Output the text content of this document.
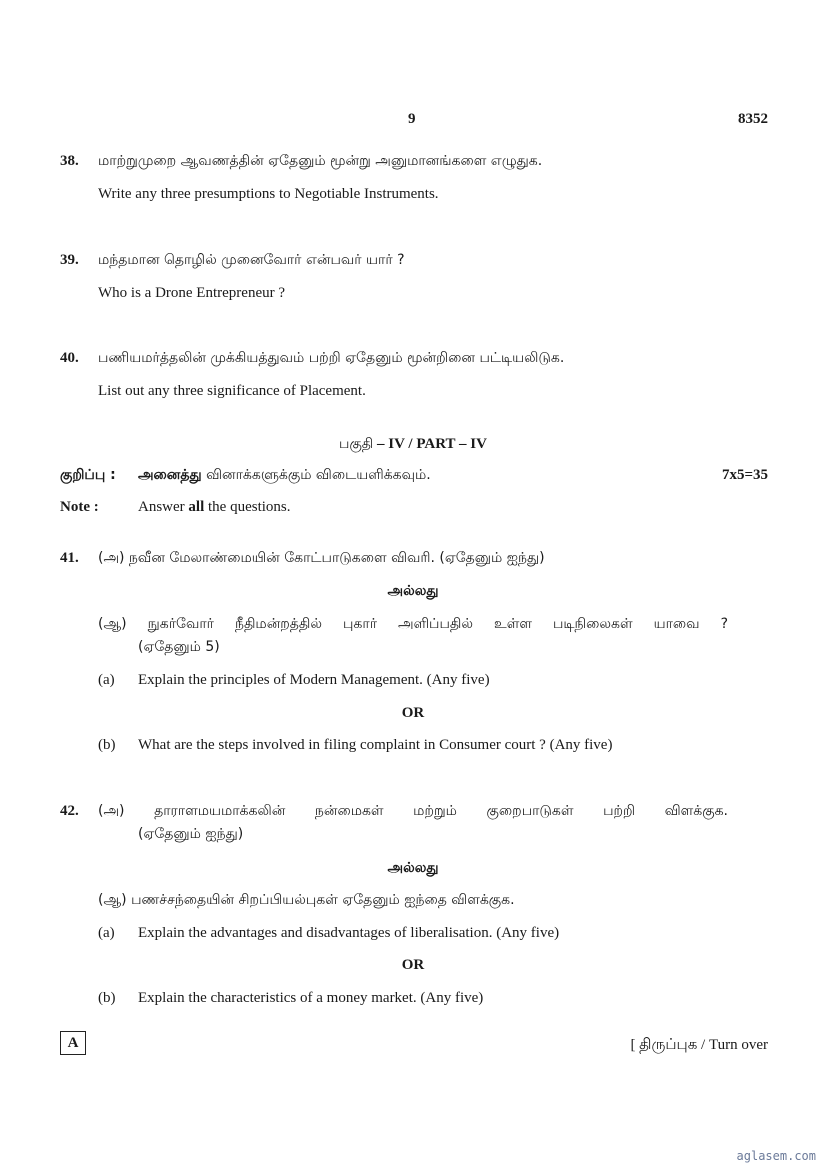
9	8352
38. மாற்றுமுறை ஆவணத்தின் ஏதேனும் மூன்று அனுமானங்களை எழுதுக.
Write any three presumptions to Negotiable Instruments.
39. மந்தமான தொழில் முனைவோர் என்பவர் யார் ?
Who is a Drone Entrepreneur ?
40. பணியமர்த்தலின் முக்கியத்துவம் பற்றி ஏதேனும் மூன்றினை பட்டியலிடுக.
List out any three significance of Placement.
பகுதி – IV / PART – IV
குறிப்பு : அனைத்து வினாக்களுக்கும் விடையளிக்கவும்.	7x5=35
Note :	Answer all the questions.
41. (அ) நவீன மேலாண்மையின் கோட்பாடுகளை விவரி. (ஏதேனும் ஐந்து)
அல்லது
(ஆ) நுகர்வோர் நீதிமன்றத்தில் புகார் அளிப்பதில் உள்ள படிநிலைகள் யாவை ?
(ஏதேனும் 5)
(a) Explain the principles of Modern Management. (Any five)
OR
(b) What are the steps involved in filing complaint in Consumer court ? (Any five)
42. (அ) தாராளமயமாக்கலின் நன்மைகள் மற்றும் குறைபாடுகள் பற்றி விளக்குக.
(ஏதேனும் ஐந்து)
அல்லது
(ஆ) பணச்சந்தையின் சிறப்பியல்புகள் ஏதேனும் ஐந்தை விளக்குக.
(a) Explain the advantages and disadvantages of liberalisation. (Any five)
OR
(b) Explain the characteristics of a money market. (Any five)
A	[ திருப்புக / Turn over
aglasem.com
